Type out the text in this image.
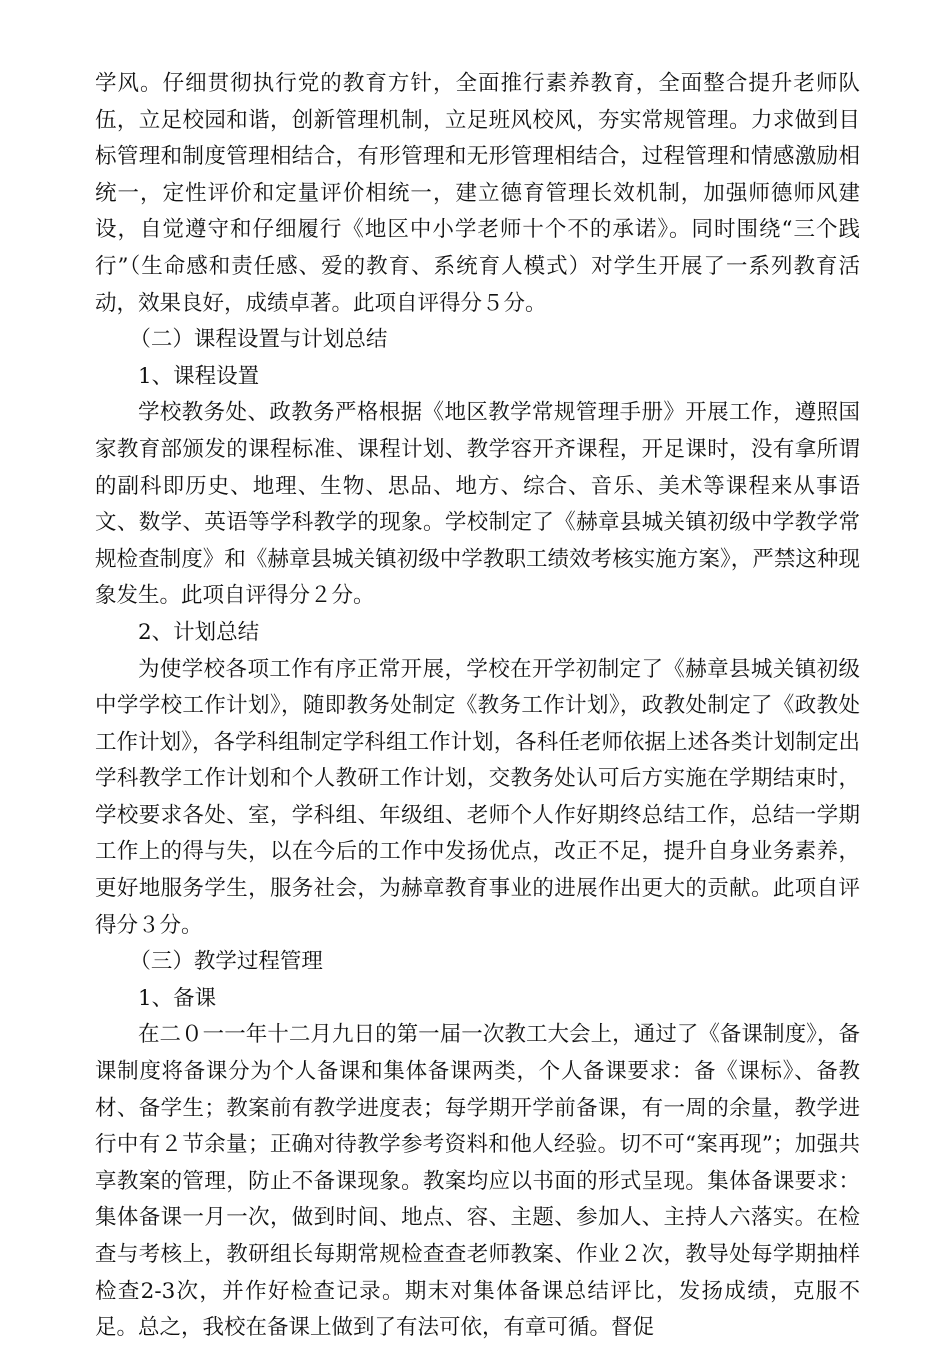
学风。仔细贯彻执行党的教育方针，全面推行素养教育，全面整合提升老师队伍，立足校园和谐，创新管理机制，立足班风校风，夯实常规管理。力求做到目标管理和制度管理相结合，有形管理和无形管理相结合，过程管理和情感激励相统一，定性评价和定量评价相统一，建立德育管理长效机制，加强师德师风建设，自觉遵守和仔细履行《地区中小学老师十个不的承诺》。同时围绕“三个践行”（生命感和责任感、爱的教育、系统育人模式）对学生开展了一系列教育活动，效果良好，成绩卓著。此项自评得分５分。

（二）课程设置与计划总结

1、课程设置

学校教务处、政教务严格根据《地区教学常规管理手册》开展工作，遵照国家教育部颁发的课程标准、课程计划、教学容开齐课程，开足课时，没有拿所谓的副科即历史、地理、生物、思品、地方、综合、音乐、美术等课程来从事语文、数学、英语等学科教学的现象。学校制定了《赫章县城关镇初级中学教学常规检查制度》和《赫章县城关镇初级中学教职工绩效考核实施方案》，严禁这种现象发生。此项自评得分２分。

2、计划总结

为使学校各项工作有序正常开展，学校在开学初制定了《赫章县城关镇初级中学学校工作计划》，随即教务处制定《教务工作计划》，政教处制定了《政教处工作计划》，各学科组制定学科组工作计划，各科任老师依据上述各类计划制定出学科教学工作计划和个人教研工作计划，交教务处认可后方实施在学期结束时，学校要求各处、室，学科组、年级组、老师个人作好期终总结工作，总结一学期工作上的得与失，以在今后的工作中发扬优点，改正不足，提升自身业务素养，更好地服务学生，服务社会，为赫章教育事业的进展作出更大的贡献。此项自评得分３分。

（三）教学过程管理

1、备课

在二０一一年十二月九日的第一届一次教工大会上，通过了《备课制度》，备课制度将备课分为个人备课和集体备课两类，个人备课要求：备《课标》、备教材、备学生；教案前有教学进度表；每学期开学前备课，有一周的余量，教学进行中有２节余量；正确对待教学参考资料和他人经验。切不可“案再现”；加强共享教案的管理，防止不备课现象。教案均应以书面的形式呈现。集体备课要求：集体备课一月一次，做到时间、地点、容、主题、参加人、主持人六落实。在检查与考核上，教研组长每期常规检查查老师教案、作业２次，教导处每学期抽样检查2-3次，并作好检查记录。期末对集体备课总结评比，发扬成绩，克服不足。总之，我校在备课上做到了有法可依，有章可循。督促
